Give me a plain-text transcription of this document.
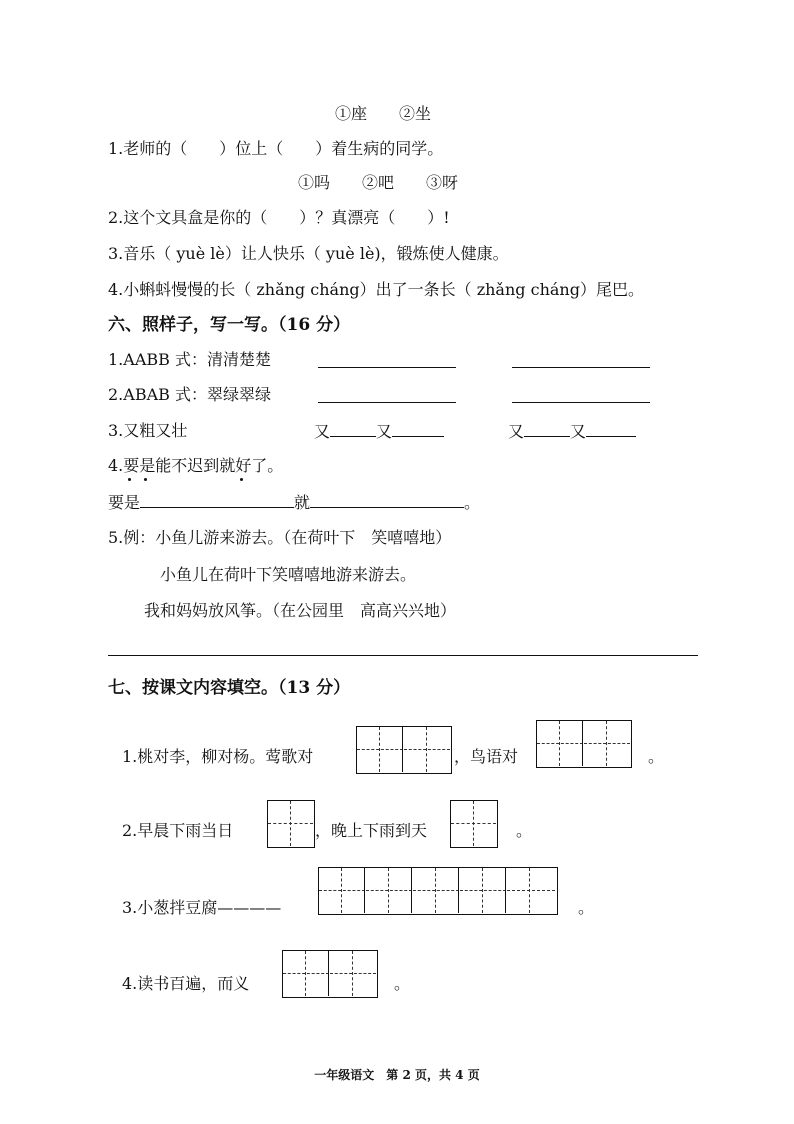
①座　　②坐
1.老师的（　　）位上（　　）着生病的同学。
①吗　　②吧　　③呀
2.这个文具盒是你的（　　）？真漂亮（　　）!
3.音乐（ yuè lè）让人快乐（ yuè lè)，锻炼使人健康。
4.小蝌蚪慢慢的长（ zhǎng cháng）出了一条长（ zhǎng cháng）尾巴。
六、照样子，写一写。（16 分）
1.AABB 式：清清楚楚
2.ABAB 式：翠绿翠绿
3.又粗又壮	又	又	又	又
4.要是能不迟到就好了。
要是	就	。
5.例：小鱼儿游来游去。（在荷叶下　笑嘻嘻地）
小鱼儿在荷叶下笑嘻嘻地游来游去。
我和妈妈放风筝。（在公园里　高高兴兴地）
七、按课文内容填空。（13 分）
1.桃对李，柳对杨。莺歌对	，鸟语对	。
2.早晨下雨当日	，晚上下雨到天	。
3.小葱拌豆腐————	。
4.读书百遍，而义	。
一年级语文　第 2 页，共 4 页
